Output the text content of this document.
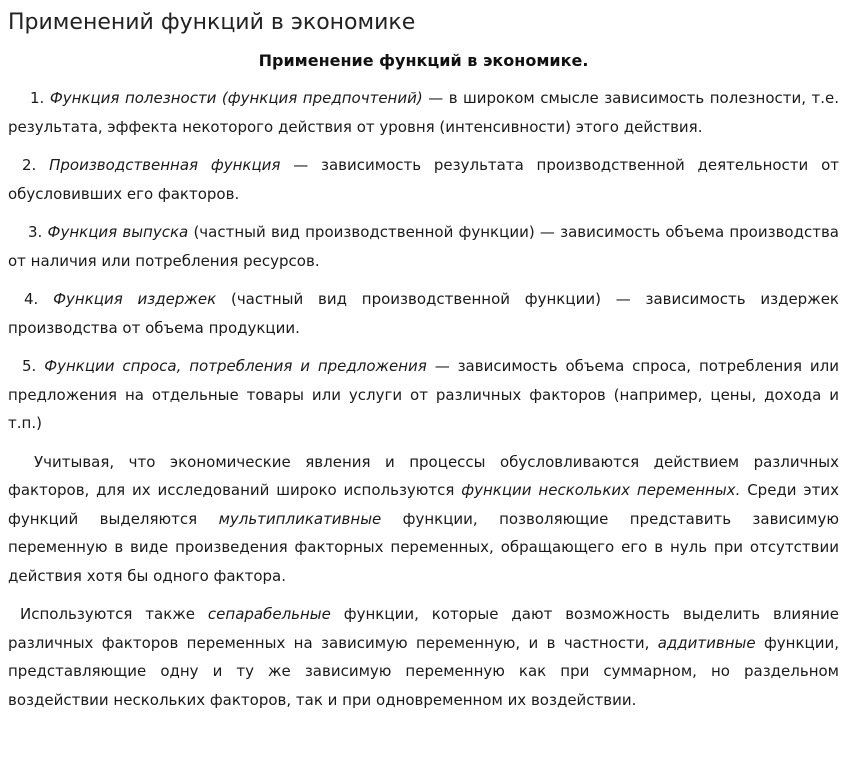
Применений функций в экономике
Применение функций в экономике.

1. Функция полезности (функция предпочтений) — в широком смысле зависимость полезности, т.е. результата, эффекта некоторого действия от уровня (интенсивности) этого действия.

2. Производственная функция — зависимость результата производственной деятельности от обусловивших его факторов.

3. Функция выпуска (частный вид производственной функции) — зависимость объема производства от наличия или потребления ресурсов.

4. Функция издержек (частный вид производственной функции) — зависимость издержек производства от объема продукции.

5. Функции спроса, потребления и предложения — зависимость объема спроса, потребления или предложения на отдельные товары или услуги от различных факторов (например, цены, дохода и т.п.)

Учитывая, что экономические явления и процессы обусловливаются действием различных факторов, для их исследований широко используются функции нескольких переменных. Среди этих функций выделяются мультипликативные функции, позволяющие представить зависимую переменную в виде произведения факторных переменных, обращающего его в нуль при отсутствии действия хотя бы одного фактора.

Используются также сепарабельные функции, которые дают возможность выделить влияние различных факторов переменных на зависимую переменную, и в частности, аддитивные функции, представляющие одну и ту же зависимую переменную как при суммарном, но раздельном воздействии нескольких факторов, так и при одновременном их воздействии.
